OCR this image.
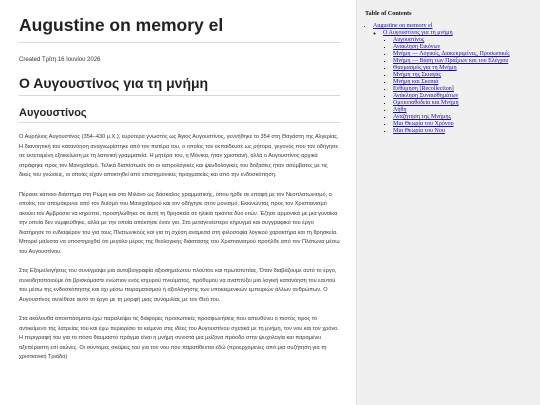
Augustine on memory el

Created Τρίτη 16 Ιουνίου 2026

Ο Αυγουστίνος για τη μνήμη
Αυγουστίνος

Ο Αυρήλιος Αυγουστίνος (354–430 μ.Χ.), ευρύτερα γνωστός ως Άγιος Αυγουστίνος, γεννήθηκε το 354 στη Θαγάστη της Αλγερίας. Η διανοητική του κατανόηση αναγνωρίστηκε από τον πατέρα του, ο οποίος τον εκπαίδευσε ως ρήτορα, γεγονός που τον οδήγησε σε εκτεταμένη εξοικείωση με τη λατινική γραμματεία. Η μητέρα του, η Μόνικα, ήταν χριστιανή, αλλά ο Αυγουστίνος αρχικά στράφηκε προς τον Μανιχαϊσμό. Τελικά διαπίστωσε ότι οι αστρολόγικές και ψευδολογικές του δοξασίες ήταν ασύμβατες με τις δικές του γνώσεις, οι οποίες είχαν αποκτηθεί από επιστημονικές πραγματείες και από την ενδοσκόπηση.

Πέρασε κάποιο διάστημα στη Ρώμη και στο Μιλάνο ως δάσκαλος γραμματικής, όπου ήρθε σε επαφή με τον Νεοπλατωνισμό, ο οποίος τον απομάκρυνε από τον δυϊσμό του Μανιχαϊσμού και τον οδήγησε στον μονισμό. Εκκινώντας προς τον Χριστιανισμό ακούει τον Αμβρόσιο να κηρύττει, προσηλώθηκε σε αυτή τη θρησκεία σε ηλικία τριάντα δύο ετών. Έζησε αρμονικά με μια γυναίκα την οποία δεν νυμφεύθηκε, αλλά με την οποία απέκτησε έναν γιο. Στο μεταγενέστερο κήρυγμα και συγγραφικό του έργο διατήρησε το ενδιαφέρον του για τους Πλατωνικούς και για τη σχέση ανάμεσα στη φιλοσοφία λογικού χαρακτήρα και τη θρησκεία. Μπορεί μάλιστα να υποστηριχθεί ότι μεγάλο μέρος της θεολογικής διάστασης του Χριστιανισμού προήλθε από τον Πλάτωνα μέσω του Αυγουστίνου.

Στις Εξομολογήσεις του συνέγραψε μια αυτοβιογραφία αξιοσημείωτου πλούτου και πρωτοτυπίας. Όταν διαβάζουμε αυτό το έργο, συνειδητοποιούμε ότι βρισκόμαστε ενώπιον ενός ισχυρού πνεύματος, πρόθυμου να αναπτύξει μια λογική κατανόηση του εαυτού του μέσω της ενδοσκόπησης και όχι μέσω πειραματισμού ή αξιολόγησης των υποκειμενικών εμπειριών άλλων ανθρώπων. Ο Αυγουστίνος συνέθεσε αυτό το έργο με τη μορφή μιας συνομιλίας με τον Θεό του.

Στα ακόλουθα αποσπάσματα έχω παραλείψει τις διάφορες προσωπικές προσφωνήσεις που απευθύνει ο πιστός προς το αντικείμενο της λατρείας του και έχω περιορίσει το κείμενο στις ιδέες του Αυγουστίνου σχετικά με τη μνήμη, τον νου και τον χρόνο. Η περιγραφή του για το πόσο θαυμαστό πράγμα είναι η μνήμη συνιστά μια μείζονα πρόοδο στην ψυχολογία και παραμένει αξεπέραστη επί αιώνες. Οι σύντομες σκέψεις του για τον νου που παρατίθενται εδώ (προερχόμενες από μια συζήτηση για τη χριστιανική Τριάδα)

Table of Contents
• Augustine on memory el
◦ Ο Αυγουστίνος για τη μνήμη
▪ Αυγουστίνος
▪ Ανάκληση Εικόνων
▪ Μνήμη — Λογικές, Διακεκριμένες, Προσωπικές
▪ Μνήμη — Βάση των Πράξεων και του Ελέγχου
▪ Θαυμασμός για τη Μνήμη
▪ Μνήμη της Σκιαγάς
▪ Μνήμη και Σκοπιά
▪ Ενθύμηση [Recollection]
▪ Ανάκληση Συναισθημάτων
▪ Ομοιοπαθοδεία και Μνήμη
▪ Λήθη
▪ Αναζήτηση της Μνήμης
▪ Μια Θεωρία του Χρόνου
▪ Μια Θεωρία του Νου
